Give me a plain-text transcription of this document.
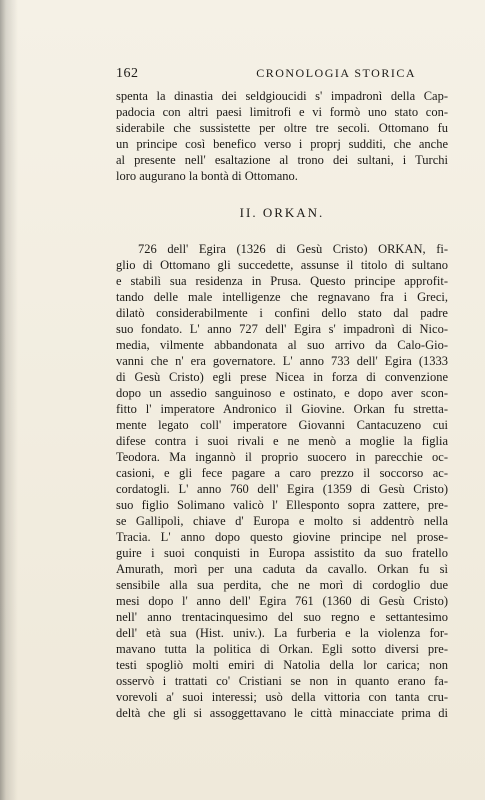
162	CRONOLOGIA STORICA
spenta la dinastia dei seldgioucidi s' impadronì della Cap-
padocia con altri paesi limitrofi e vi formò uno stato con-
siderabile che sussistette per oltre tre secoli. Ottomano fu
un principe così benefico verso i proprj sudditi, che anche
al presente nell' esaltazione al trono dei sultani, i Turchi
loro augurano la bontà di Ottomano.
II. ORKAN.
726 dell' Egira (1326 di Gesù Cristo) ORKAN, fi-
glio di Ottomano gli succedette, assunse il titolo di sultano
e stabilì sua residenza in Prusa. Questo principe approfit-
tando delle male intelligenze che regnavano fra i Greci,
dilatò considerabilmente i confini dello stato dal padre
suo fondato. L' anno 727 dell' Egira s' impadronì di Nico-
media, vilmente abbandonata al suo arrivo da Calo-Gio-
vanni che n' era governatore. L' anno 733 dell' Egira (1333
di Gesù Cristo) egli prese Nicea in forza di convenzione
dopo un assedio sanguinoso e ostinato, e dopo aver scon-
fitto l' imperatore Andronico il Giovine. Orkan fu stretta-
mente legato coll' imperatore Giovanni Cantacuzeno cui
difese contra i suoi rivali e ne menò a moglie la figlia
Teodora. Ma ingannò il proprio suocero in parecchie oc-
casioni, e gli fece pagare a caro prezzo il soccorso ac-
cordatogli. L' anno 760 dell' Egira (1359 di Gesù Cristo)
suo figlio Solimano valicò l' Ellesponto sopra zattere, pre-
se Gallipoli, chiave d' Europa e molto si addentrò nella
Tracia. L' anno dopo questo giovine principe nel prose-
guire i suoi conquisti in Europa assistito da suo fratello
Amurath, morì per una caduta da cavallo. Orkan fu sì
sensibile alla sua perdita, che ne morì di cordoglio due
mesi dopo l' anno dell' Egira 761 (1360 di Gesù Cristo)
nell' anno trentacinquesimo del suo regno e settantesimo
dell' età sua (Hist. univ.). La furberia e la violenza for-
mavano tutta la politica di Orkan. Egli sotto diversi pre-
testi spogliò molti emiri di Natolia della lor carica; non
osservò i trattati co' Cristiani se non in quanto erano fa-
vorevoli a' suoi interessi; usò della vittoria con tanta cru-
deltà che gli si assoggettavano le città minacciate prima di
